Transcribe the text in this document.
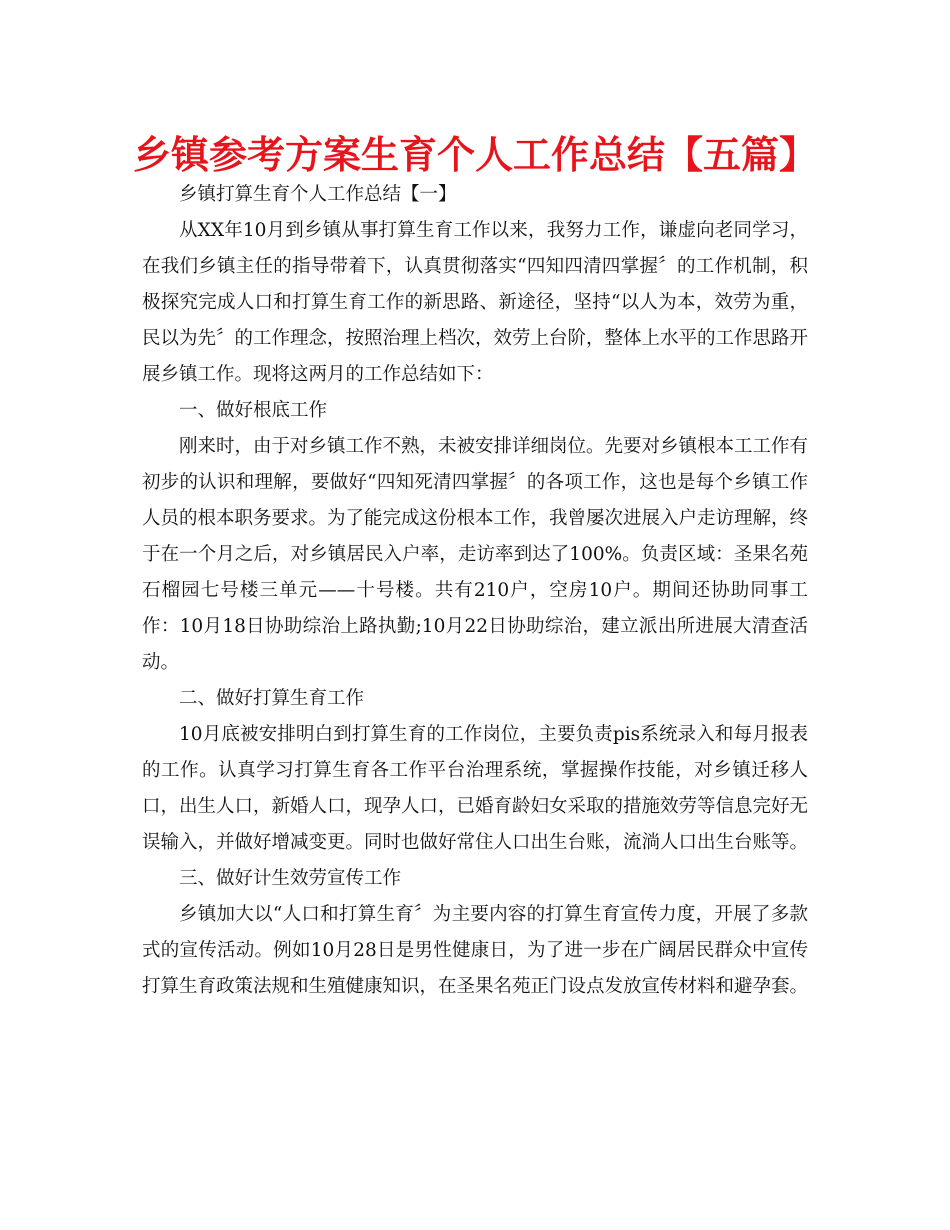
乡镇参考方案生育个人工作总结【五篇】

乡镇打算生育个人工作总结【一】

从XX年10月到乡镇从事打算生育工作以来，我努力工作，谦虚向老同学习，在我们乡镇主任的指导带着下，认真贯彻落实“四知四清四掌握〞的工作机制，积极探究完成人口和打算生育工作的新思路、新途径，坚持“以人为本，效劳为重，民以为先〞的工作理念，按照治理上档次，效劳上台阶，整体上水平的工作思路开展乡镇工作。现将这两月的工作总结如下：

一、做好根底工作

刚来时，由于对乡镇工作不熟，未被安排详细岗位。先要对乡镇根本工工作有初步的认识和理解，要做好“四知死清四掌握〞的各项工作，这也是每个乡镇工作人员的根本职务要求。为了能完成这份根本工作，我曾屡次进展入户走访理解，终于在一个月之后，对乡镇居民入户率，走访率到达了100%。负责区域：圣果名苑石榴园七号楼三单元——十号楼。共有210户，空房10户。期间还协助同事工作：10月18日协助综治上路执勤;10月22日协助综治，建立派出所进展大清查活动。

二、做好打算生育工作

10月底被安排明白到打算生育的工作岗位，主要负责pis系统录入和每月报表的工作。认真学习打算生育各工作平台治理系统，掌握操作技能，对乡镇迁移人口，出生人口，新婚人口，现孕人口，已婚育龄妇女采取的措施效劳等信息完好无误输入，并做好增减变更。同时也做好常住人口出生台账，流淌人口出生台账等。

三、做好计生效劳宣传工作

乡镇加大以“人口和打算生育〞为主要内容的打算生育宣传力度，开展了多款式的宣传活动。例如10月28日是男性健康日，为了进一步在广阔居民群众中宣传打算生育政策法规和生殖健康知识，在圣果名苑正门设点发放宣传材料和避孕套。
